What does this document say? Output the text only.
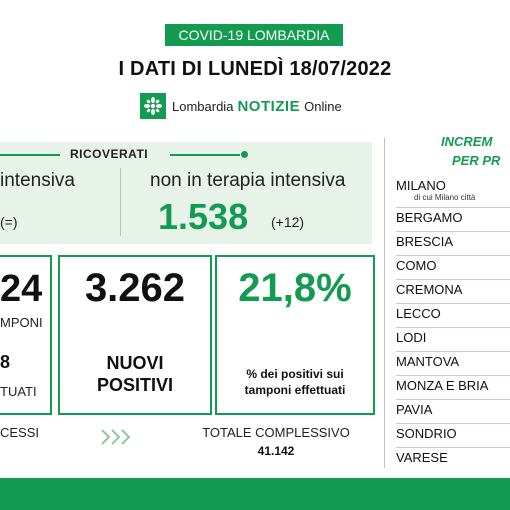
COVID-19 LOMBARDIA
I DATI DI LUNEDÌ 18/07/2022
Lombardia NOTIZIE Online
RICOVERATI
intensiva
(=)
non in terapia intensiva
1.538 (+12)
24
MPONI
8
TUATI
3.262
NUOVI
POSITIVI
21,8%
% dei positivi sui
tamponi effettuati
CESSI	TOTALE COMPLESSIVO
41.142
INCREM
PER PR
MILANO
di cui Milano città
BERGAMO
BRESCIA
COMO
CREMONA
LECCO
LODI
MANTOVA
MONZA E BRIA
PAVIA
SONDRIO
VARESE
